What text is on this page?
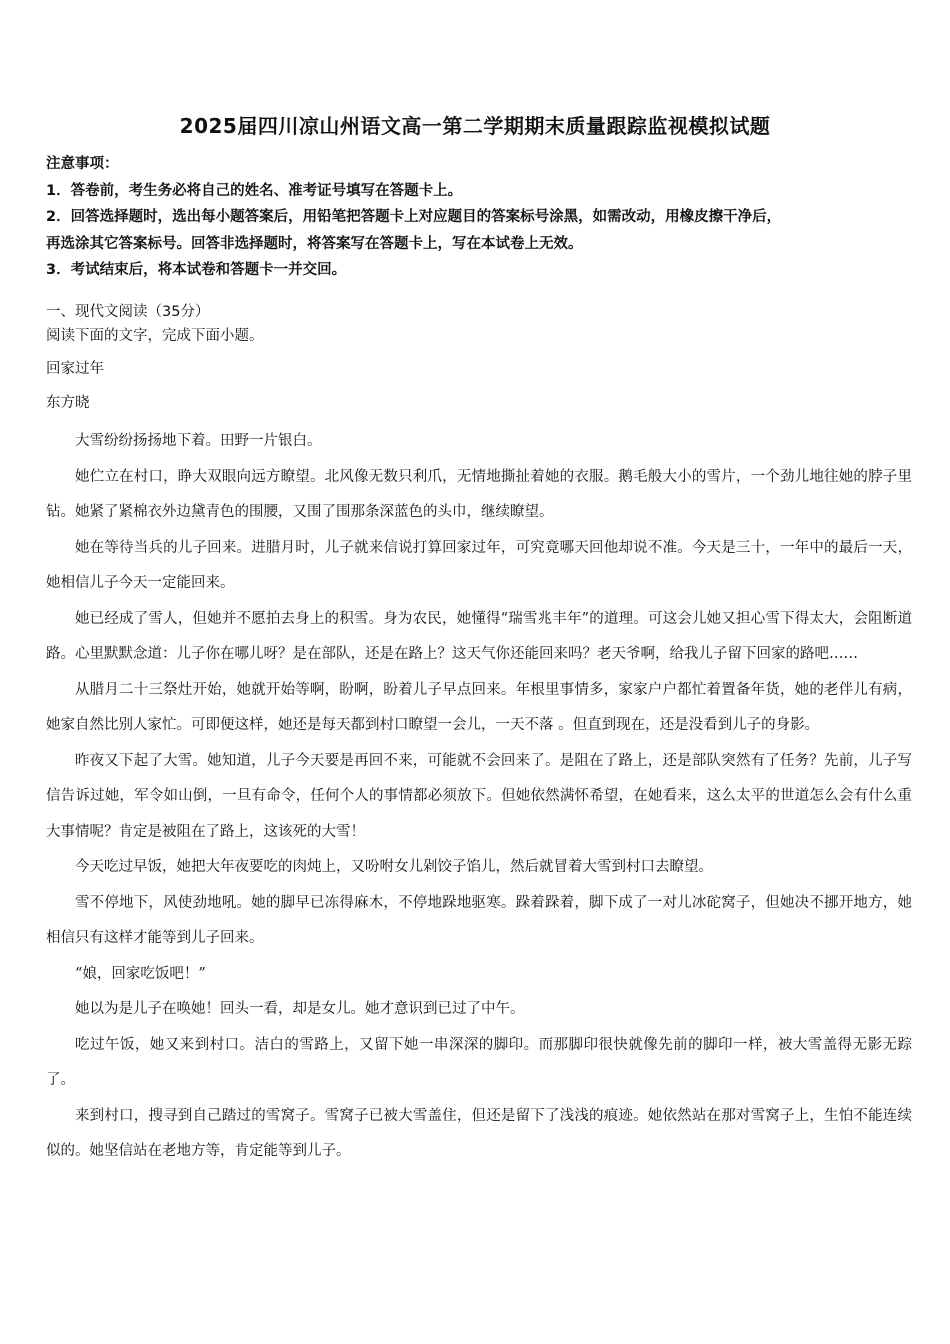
2025届四川凉山州语文高一第二学期期末质量跟踪监视模拟试题
注意事项：
1．答卷前，考生务必将自己的姓名、准考证号填写在答题卡上。
2．回答选择题时，选出每小题答案后，用铅笔把答题卡上对应题目的答案标号涂黑，如需改动，用橡皮擦干净后，
再选涂其它答案标号。回答非选择题时，将答案写在答题卡上，写在本试卷上无效。
3．考试结束后，将本试卷和答题卡一并交回。
一、现代文阅读（35分）
阅读下面的文字，完成下面小题。
回家过年
东方晓

大雪纷纷扬扬地下着。田野一片银白。

她伫立在村口，睁大双眼向远方瞭望。北风像无数只利爪，无情地撕扯着她的衣服。鹅毛般大小的雪片，一个劲儿地往她的脖子里钻。她紧了紧棉衣外边黛青色的围腰，又围了围那条深蓝色的头巾，继续瞭望。

她在等待当兵的儿子回来。进腊月时，儿子就来信说打算回家过年，可究竟哪天回他却说不准。今天是三十，一年中的最后一天，她相信儿子今天一定能回来。

她已经成了雪人，但她并不愿拍去身上的积雪。身为农民，她懂得“瑞雪兆丰年”的道理。可这会儿她又担心雪下得太大，会阻断道路。心里默默念道：儿子你在哪儿呀？是在部队，还是在路上？这天气你还能回来吗？老天爷啊，给我儿子留下回家的路吧……

从腊月二十三祭灶开始，她就开始等啊，盼啊，盼着儿子早点回来。年根里事情多，家家户户都忙着置备年货，她的老伴儿有病，她家自然比别人家忙。可即便这样，她还是每天都到村口瞭望一会儿，一天不落 。但直到现在，还是没看到儿子的身影。

昨夜又下起了大雪。她知道，儿子今天要是再回不来，可能就不会回来了。是阻在了路上，还是部队突然有了任务？先前，儿子写信告诉过她，军令如山倒，一旦有命令，任何个人的事情都必须放下。但她依然满怀希望，在她看来，这么太平的世道怎么会有什么重大事情呢？肯定是被阻在了路上，这该死的大雪！

今天吃过早饭，她把大年夜要吃的肉炖上，又吩咐女儿剁饺子馅儿，然后就冒着大雪到村口去瞭望。

雪不停地下，风使劲地吼。她的脚早已冻得麻木，不停地跺地驱寒。跺着跺着，脚下成了一对儿冰砣窝子，但她决不挪开地方，她相信只有这样才能等到儿子回来。

“娘，回家吃饭吧！”

她以为是儿子在唤她！回头一看，却是女儿。她才意识到已过了中午。

吃过午饭，她又来到村口。洁白的雪路上，又留下她一串深深的脚印。而那脚印很快就像先前的脚印一样，被大雪盖得无影无踪了。

来到村口，搜寻到自己踏过的雪窝子。雪窝子已被大雪盖住，但还是留下了浅浅的痕迹。她依然站在那对雪窝子上，生怕不能连续似的。她坚信站在老地方等，肯定能等到儿子。
